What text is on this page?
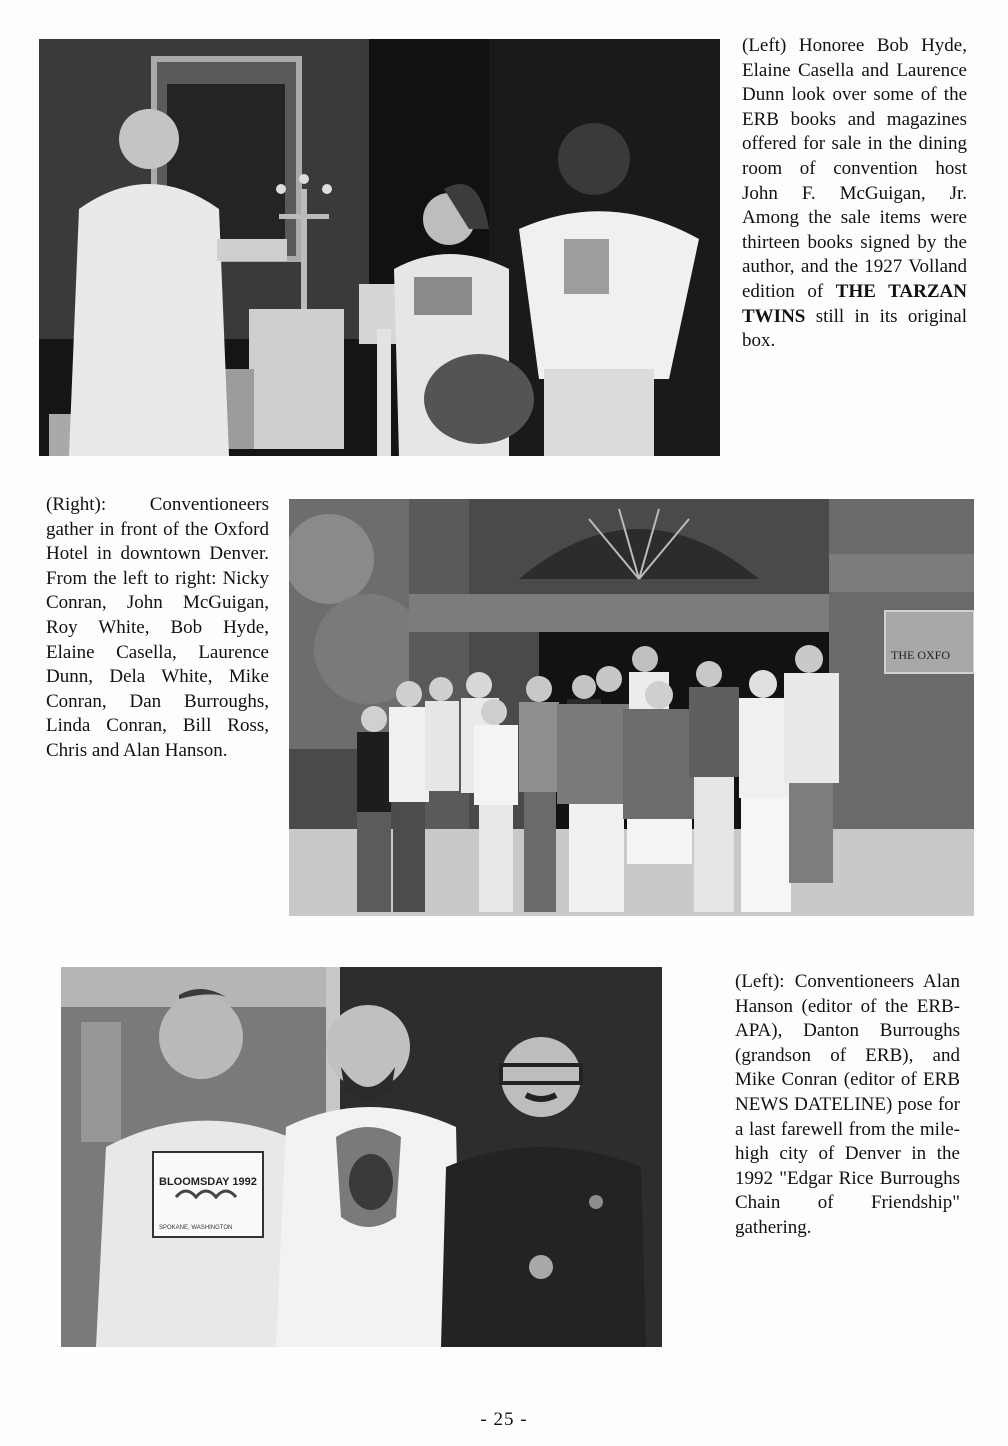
(Left) Honoree Bob Hyde, Elaine Casella and Laurence Dunn look over some of the ERB books and magazines offered for sale in the dining room of convention host John F. McGuigan, Jr. Among the sale items were thirteen books signed by the author, and the 1927 Volland edition of THE TARZAN TWINS still in its original box.
(Right): Conventioneers gather in front of the Oxford Hotel in downtown Denver. From the left to right: Nicky Conran, John McGuigan, Roy White, Bob Hyde, Elaine Casella, Laurence Dunn, Dela White, Mike Conran, Dan Burroughs, Linda Conran, Bill Ross, Chris and Alan Hanson.
THE OXFO
BLOOMSDAY 1992
SPOKANE, WASHINGTON
(Left): Conventioneers Alan Hanson (editor of the ERB-APA), Danton Burroughs (grandson of ERB), and Mike Conran (editor of ERB NEWS DATELINE) pose for a last farewell from the mile-high city of Denver in the 1992 "Edgar Rice Burroughs Chain of Friendship" gathering.
- 25 -
